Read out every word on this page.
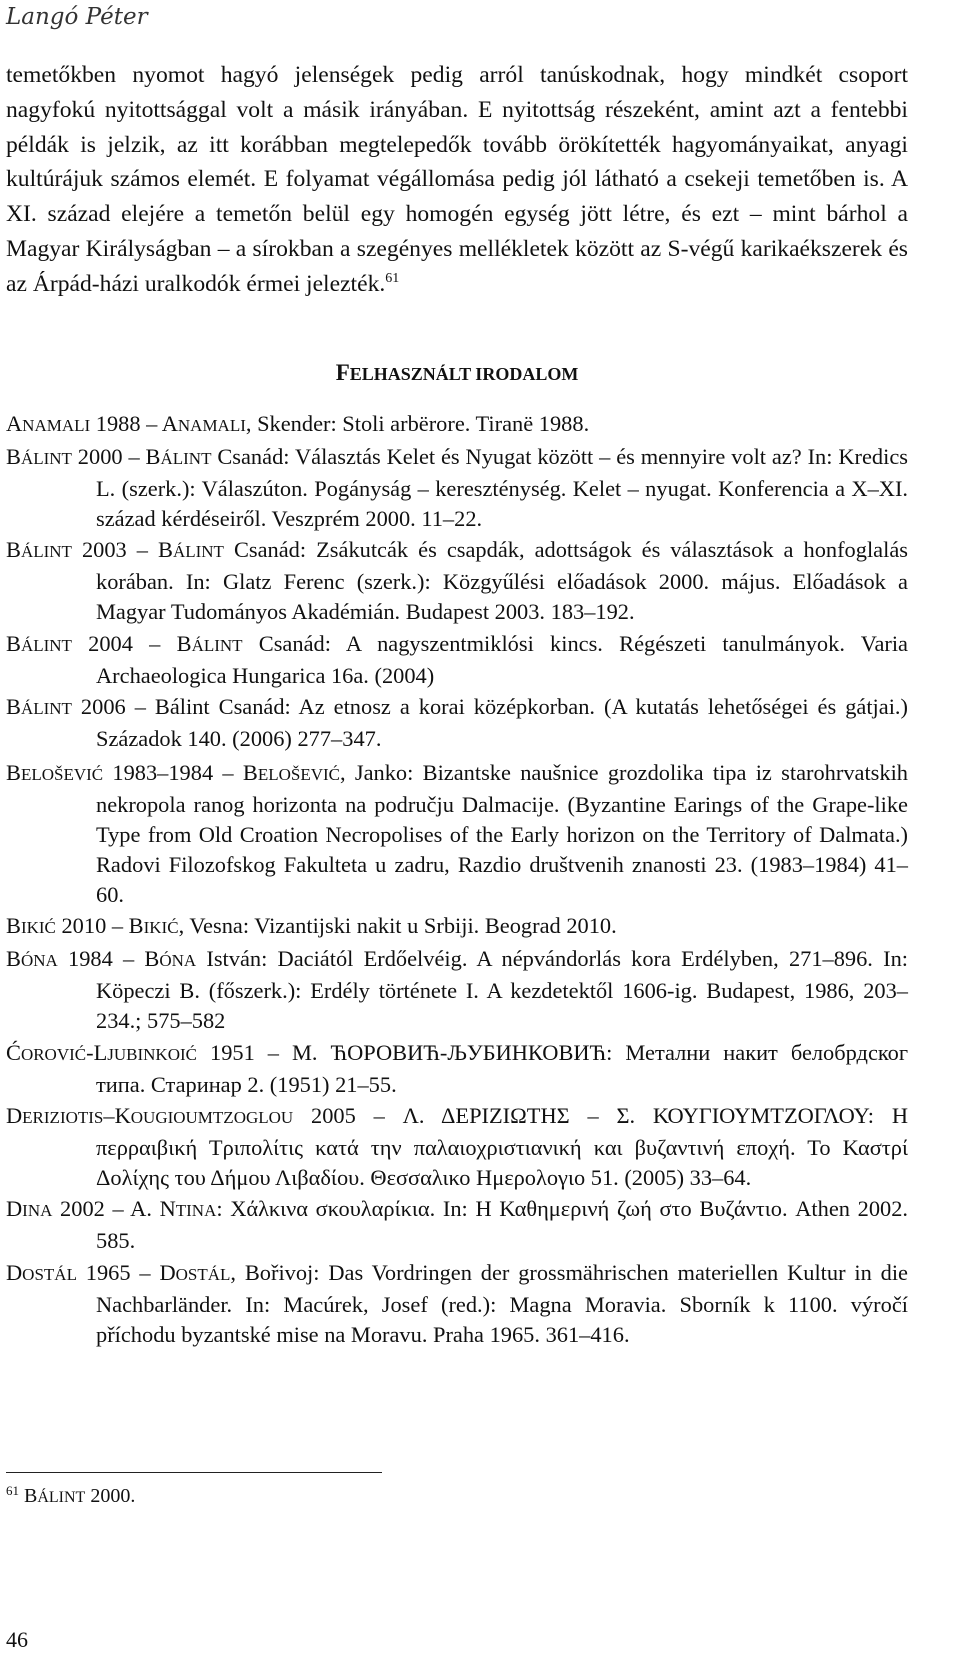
Langó Péter

temetőkben nyomot hagyó jelenségek pedig arról tanúskodnak, hogy mindkét csoport nagyfokú nyitottsággal volt a másik irányában. E nyitottság részeként, amint azt a fentebbi példák is jelzik, az itt korábban megtelepedők tovább örökítették hagyományaikat, anyagi kultúrájuk számos elemét. E folyamat végállomása pedig jól látható a csekeji temetőben is. A XI. század elejére a temetőn belül egy homogén egység jött létre, és ezt – mint bárhol a Magyar Királyságban – a sírokban a szegényes mellékletek között az S-végű karikaékszerek és az Árpád-házi uralkodók érmei jelezték.$^{61}$

FELHASZNÁLT IRODALOM

ANAMALI 1988 – ANAMALI, Skender: Stoli arbërore. Tiranë 1988.

BÁLINT 2000 – BÁLINT Csanád: Választás Kelet és Nyugat között – és mennyire volt az? In: Kredics L. (szerk.): Válaszúton. Pogányság – kereszténység. Kelet – nyugat. Konferencia a X–XI. század kérdéseiről. Veszprém 2000. 11–22.

BÁLINT 2003 – BÁLINT Csanád: Zsákutcák és csapdák, adottságok és választások a honfoglalás korában. In: Glatz Ferenc (szerk.): Közgyűlési előadások 2000. május. Előadások a Magyar Tudományos Akadémián. Budapest 2003. 183–192.

BÁLINT 2004 – BÁLINT Csanád: A nagyszentmiklósi kincs. Régészeti tanulmányok. Varia Archaeologica Hungarica 16a. (2004)

BÁLINT 2006 – Bálint Csanád: Az etnosz a korai középkorban. (A kutatás lehetőségei és gátjai.) Századok 140. (2006) 277–347.

BELOŠEVIĆ 1983–1984 – BELOŠEVIĆ, Janko: Bizantske naušnice grozdolika tipa iz starohrvatskih nekropola ranog horizonta na području Dalmacije. (Byzantine Earings of the Grape-like Type from Old Croation Necropolises of the Early horizon on the Territory of Dalmata.) Radovi Filozofskog Fakulteta u zadru, Razdio društvenih znanosti 23. (1983–1984) 41–60.

BIKIĆ 2010 – BIKIĆ, Vesna: Vizantijski nakit u Srbiji. Beograd 2010.

BÓNA 1984 – BÓNA István: Daciától Erdőelvéig. A népvándorlás kora Erdélyben, 271–896. In: Köpeczi B. (főszerk.): Erdély története I. A kezdetektől 1606-ig. Budapest, 1986, 203–234.; 575–582

ĆOROVIĆ-LJUBINKOIĆ 1951 – M. ЋОРОВИЋ-ЉУБИНКОВИЋ: Метални накит белобрдског типа. Старинар 2. (1951) 21–55.

DERIZIOTIS–KOUGIOUMTZOGLOU 2005 – Λ. ΔΕΡΙΖΙΩΤΗΣ – Σ. ΚΟΥΓΙΟΥΜΤΖΟΓΛΟΥ: Η περραιβική Τριπολίτις κατά την παλαιοχριστιανική και βυζαντινή εποχή. Το Καστρί Δολίχης του Δήμου Λιβαδίου. Θεσσαλικο Ημερολογιο 51. (2005) 33–64.

DINA 2002 – A. NTINA: Χάλκινα σκουλαρίκια. In: Η Καθημερινή ζωή στο Βυζάντιο. Athen 2002. 585.

DOSTÁL 1965 – DOSTÁL, Bořivoj: Das Vordringen der grossmährischen materiellen Kultur in die Nachbarländer. In: Macúrek, Josef (red.): Magna Moravia. Sborník k 1100. výročí příchodu byzantské mise na Moravu. Praha 1965. 361–416.

$^{61}$ BÁLINT 2000.
46
